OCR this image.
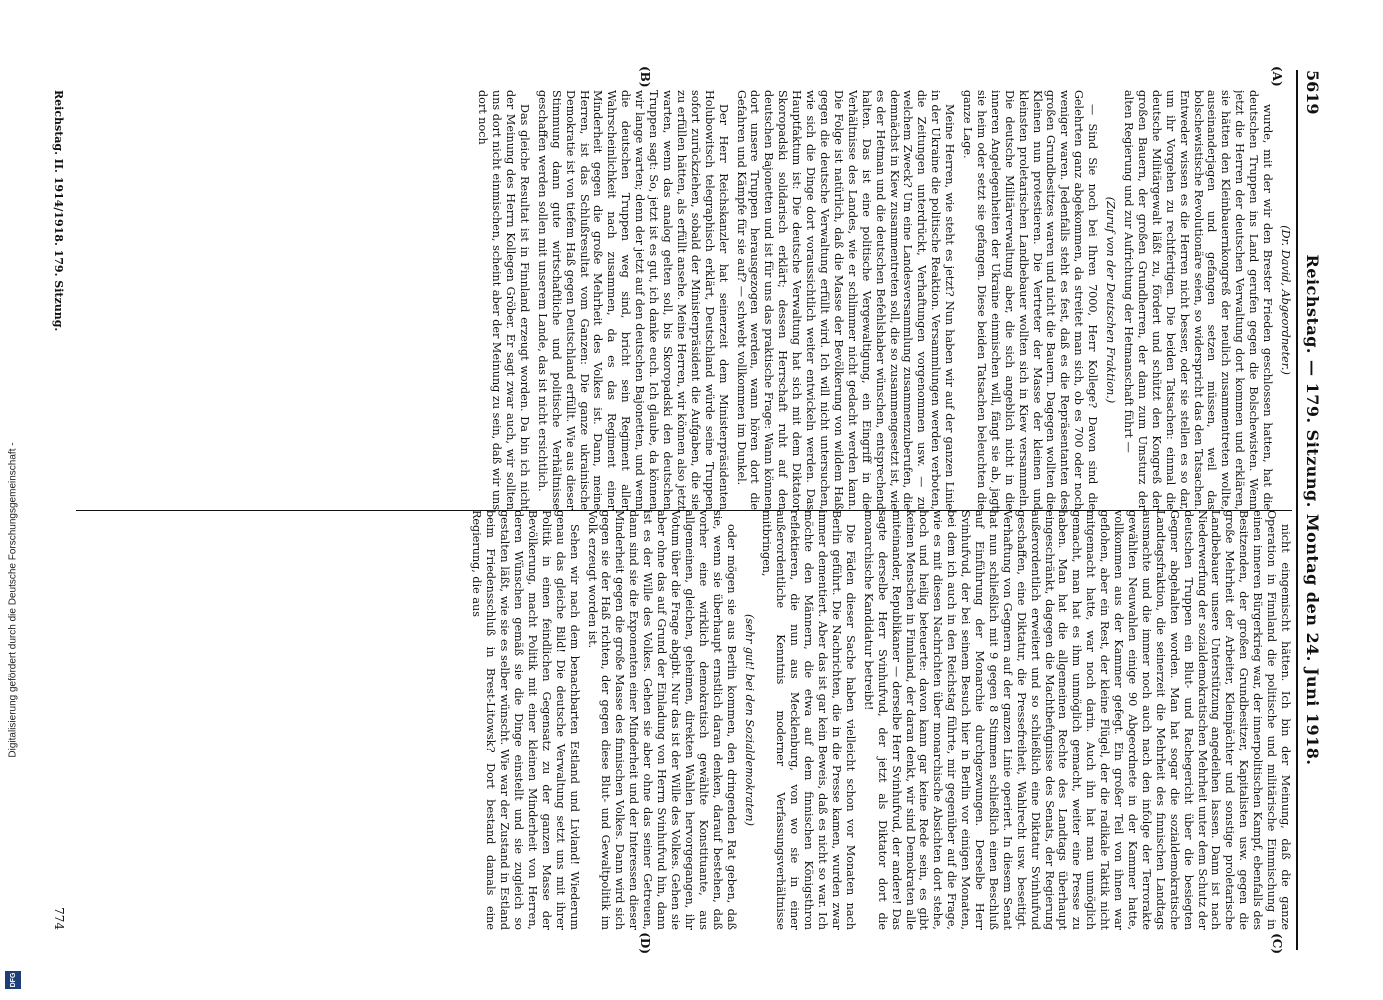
Digitalisierung gefördert durch die Deutsche Forschungsgemeinschaft -
DFG
5619
Reichstag. — 179. Sitzung. Montag den 24. Juni 1918.
(A)
(B)
(C)
(D)

(Dr. David, Abgeordneter.)

wurde, mit der wir den Brester Frieden geschlossen hatten, hat die deutschen Truppen ins Land gerufen gegen die Bolschewisten. Wenn jetzt die Herren der deutschen Verwaltung dort kommen und erklären, sie hätten den Kleinbauernkongreß der neulich zusammentreten wollte, auseinanderjagen und gefangen setzen müssen, weil das bolschewistische Revolutionäre seien, so widerspricht das den Tatsachen. Entweder wissen es die Herren nicht besser, oder sie stellen es so dar, um ihr Vorgehen zu rechtfertigen. Die beiden Tatsachen: einmal die deutsche Militärgewalt läßt zu, fördert und schützt den Kongreß der großen Bauern, der großen Grundherren, der dann zum Umsturz der alten Regierung und zur Aufrichtung der Hetmanschaft führt —

(Zuruf von der Deutschen Fraktion.)

— Sind Sie noch bei Ihren 7000, Herr Kollege? Davon sind die Gelehrten ganz abgekommen, da streitet man sich, ob es 700 oder noch weniger waren. Jedenfalls steht es fest, daß es die Repräsentanten des großen Grundbesitzes waren und nicht die Bauern. Dagegen wollten die Kleinen nun protestieren. Die Vertreter der Masse der kleinen und kleinsten proletarischen Landbebauer wollten sich in Kiew versammeln. Die deutsche Militärverwaltung aber, die sich angeblich nicht in die inneren Angelegenheiten der Ukraine einmischen will, fängt sie ab, jagt sie heim oder setzt sie gefangen. Diese beiden Tatsachen beleuchten die ganze Lage.

Meine Herren, wie steht es jetzt? Nun haben wir auf der ganzen Linie in der Ukraine die politische Reaktion. Versammlungen werden verboten, die Zeitungen unterdrückt, Verhaftungen vorgenommen usw. — zu welchem Zweck? Um eine Landesversammlung zusammenzuberufen, die demnächst in Kiew zusammentreten soll, die so zusammengesetzt ist, wie es der Hetman und die deutschen Befehlshaber wünschen, entsprechend halten. Das ist eine politische Vergewaltigung, ein Eingriff in die Verhältnisse des Landes, wie er schlimmer nicht gedacht werden kann. Die Folge ist natürlich, daß die Masse der Bevölkerung von wildem Haß gegen die deutsche Verwaltung erfüllt wird. Ich will nicht untersuchen, wie sich die Dinge dort voraussichtlich weiter entwickeln werden. Das Hauptfaktum ist: Die deutsche Verwaltung hat sich mit dem Diktator Skoropadski solidarisch erklärt; dessen Herrschaft ruht auf den deutschen Bajonetten und ist für uns das praktische Frage: Wann können dort unsere Truppen herausgezogen werden, wann hören dort die Gefahren und Kämpfe für sie auf? — schwebt vollkommen im Dunkel.

Der Herr Reichskanzler hat seinerzeit dem Ministerpräsidenten Holubowitsch telegraphisch erklärt, Deutschland würde seine Truppen sofort zurückziehen, sobald der Ministerpräsident die Aufgaben, die sie zu erfüllen hätten, als erfüllt ansehe. Meine Herren, wir können also jetzt warten, wenn das analog gelten soll, bis Skoropadski den deutschen Truppen sagt: So, jetzt ist es gut, ich danke euch. Ich glaube, da können wir lange warten; denn der jetzt auf den deutschen Bajonetten, und wenn die deutschen Truppen weg sind, bricht sein Regiment aller Wahrscheinlichkeit nach zusammen, da es das Regiment einer Minderheit gegen die große Mehrheit des Volkes ist. Dann, meine Herren, ist das Schlußresultat vom Ganzen: Die ganze ukrainische Demokratie ist von tiefem Haß gegen Deutschland erfüllt. Wie aus dieser Stimmung dann gute wirtschaftliche und politische Verhältnisse geschaffen werden sollen mit unserem Lande, das ist nicht ersichtlich.

Das gleiche Resultat ist in Finnland erzeugt worden. Da bin ich nicht der Meinung des Herrn Kollegen Gröber. Er sagt zwar auch, wir sollten uns dort nicht einmischen, scheint aber der Meinung zu sein, daß wir uns dort noch

nicht eingemischt hätten. Ich bin der Meinung, daß die ganze Operation in Finnland die politische und militärische Einmischung in einen inneren Bürgerkrieg war, der innerpolitischen Kampf, ebenfalls des Besitzenden, der großen Grundbesitzer, Kapitalisten usw. gegen die große Mehrheit der Arbeiter, Kleinpächter und sonstige proletarische Landbebauer unsere Unterstützung angedeihen lassen. Dann ist nach Niederwerfung der sozialdemokratischen Mehrheit unter dem Schutz der deutschen Truppen ein Blut- und Rachegericht über die besiegten Gegner abgehalten worden. Man hat sogar die sozialdemokratische Landtagsfraktion, die seinerzeit die Mehrheit des finnischen Landtags ausmachte und die immer noch auch nach den infolge der Terrorakte gewählten Neuwahlen einige 90 Abgeordnete in der Kammer hatte, vollkommen aus der Kammer gefegt. Ein großer Teil von ihnen war geflohen, aber ein Rest, der kleine Flügel, der die radikale Taktik nicht mitgemacht hatte, war noch darin. Auch ihn hat man unmöglich gemacht, man hat es ihm unmöglich gemacht, weiter eine Presse zu haben. Man hat die allgemeinen Rechte des Landtags überhaupt eingeschränkt, dagegen die Machtbefugnisse des Senats, der Regierung außerordentlich erweitert und so schließlich eine Diktatur Svinhufvud geschaffen, eine Diktatur, die Pressefreiheit, Wahlrecht usw. beseitigt. Verhaftung von Gegnern auf der ganzen Linie operiert. In diesem Senat hat nun schließlich mit 9 gegen 8 Stimmen schließlich einen Beschluß auf Einführung der Monarchie durchgezwungen. Derselbe Herr Svinhufvud, der bei seinem Besuch hier in Berlin vor einigen Monaten, bei dem ich auch in den Reichstag führte, mir gegenüber auf die Frage, wie es mit diesen Nachrichten über monarchische Absichten dort stehe, hoch und heilig beteuerte: davon kann gar keine Rede sein, es gibt keinen Menschen in Finnland, der daran denkt, wir sind Demokraten alle miteinander, Republikaner — derselbe Herr Svinhufvud, der andere! Das sagte derselbe Herr Svinhufvud, der jetzt als Diktator dort die monarchische Kandidatur betreibt!

Die Fäden dieser Sache haben vielleicht schon vor Monaten nach Berlin geführt. Die Nachrichten, die in die Presse kamen, wurden zwar immer dementiert. Aber das ist gar kein Beweis, daß es nicht so war. Ich möchte den Männern, die etwa auf dem finnischen Königsthron reflektieren, die nun aus Mecklenburg, von wo sie in einer außerordentliche Kenntnis moderner Verfassungsverhältnisse mitbringen,

(sehr gut! bei den Sozialdemokraten)

oder mögen sie aus Berlin kommen, den dringenden Rat geben, daß sie, wenn sie überhaupt ernstlich daran denken, darauf bestehen, daß vorher eine wirklich demokratisch gewählte Konstituante, aus allgemeinen, gleichen, geheimen, direkten Wahlen hervorgegangen, ihr Votum über die Frage abgibt. Nur das ist der Wille des Volkes. Gehen sie aber ohne das auf Grund der Einladung von Herrn Svinhufvud hin, dann ist es der Wille des Volkes. Gehen sie aber ohne das seiner Getreuen, dann sind sie die Exponenten einer Minderheit und der Interessen dieser Minderheit gegen die große Masse des finnischen Volkes. Dann wird sich gegen sie der Haß richten, der gegen diese Blut- und Gewaltpolitik im Volk erzeugt worden ist.

Sehen wir nach dem benachbarten Estland und Livland! Wiederum genau das gleiche Bild! Die deutsche Verwaltung setzt uns mit ihrer Politik in einen feindlichen Gegensatz zu der ganzen Masse der Bevölkerung, macht Politik mit einer kleinen Minderheit von Herren, deren Wünschen gemäß sie die Dinge einstellt und sie zugleich so gestalten läßt, wie sie es selber wünscht. Wie war der Zustand in Estland beim Friedensschluß in Brest-Litowsk? Dort bestand damals eine Regierung, die aus

Reichstag. II. 1914/1918. 179. Sitzung.
774
